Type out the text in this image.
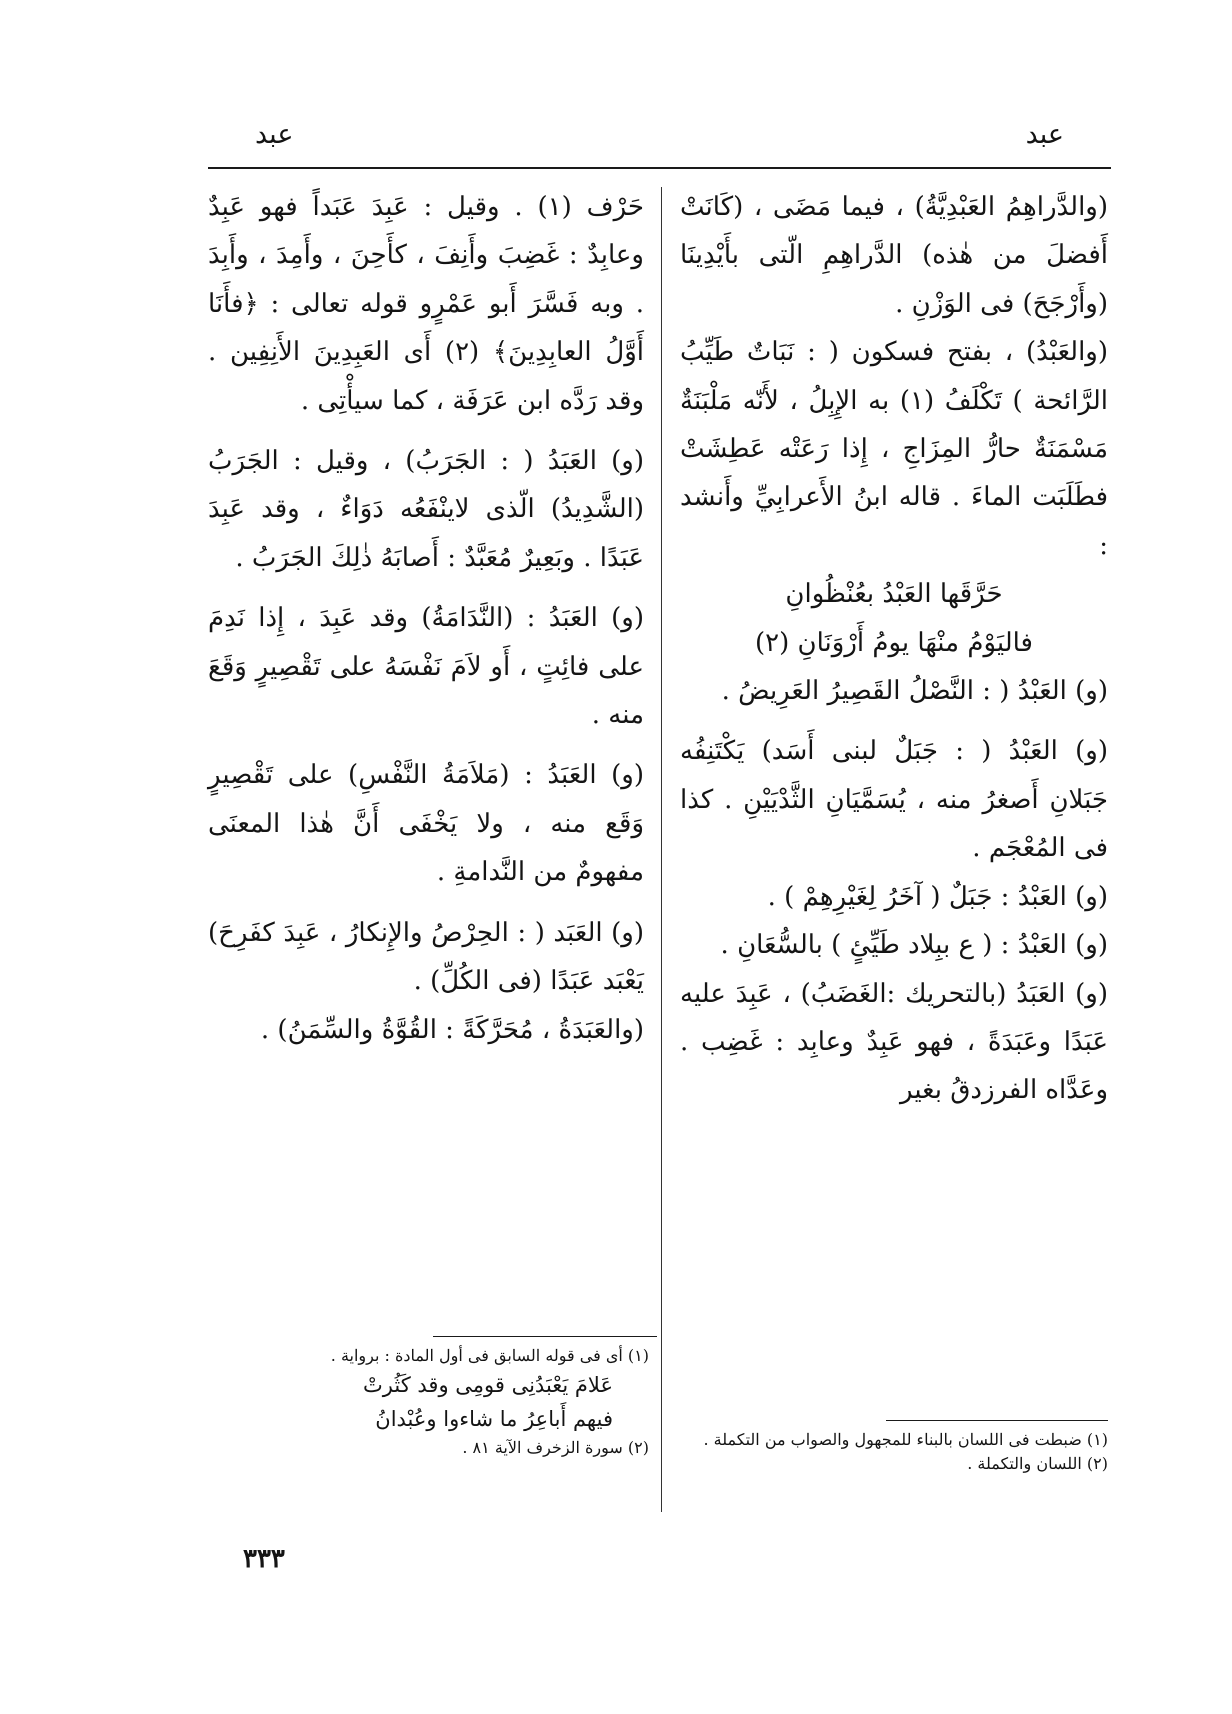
عبد
عبد

(والدَّراهِمُ العَبْدِيَّةُ) ، فيما مَضَى ، (كَانَتْ أَفضلَ من هٰذه) الدَّراهِمِ الّتى بأَيْدِينَا (وأَرْجَحَ) فى الوَزْنِ .

(والعَبْدُ) ، بفتح فسكون ( : نَبَاتٌ طَيِّبُ الرَّائحة ) تَكْلَفُ (١) به الإِبِلُ ، لأَنّه مَلْبَنَةٌ مَسْمَنَةٌ حارُّ المِزَاجِ ، إِذا رَعَتْه عَطِشَتْ فطَلَبَت الماءَ . قاله ابنُ الأَعرابِيِّ وأَنشد :

حَرَّقَها العَبْدُ بعُنْظُوانِ

فاليَوْمُ منْهَا يومُ أَرْوَنَانِ (٢)

(و) العَبْدُ ( : النَّصْلُ القَصِيرُ العَرِيضُ .

(و) العَبْدُ ( : جَبَلٌ لبنى أَسَد) يَكْتَنِفُه جَبَلانِ أَصغرُ منه ، يُسَمَّيَانِ الثَّدْيَيْنِ . كذا فى المُعْجَم .

(و) العَبْدُ : جَبَلٌ ( آخَرُ لِغَيْرِهِمْ ) .

(و) العَبْدُ : ( ع ببِلاد طَيِّئٍ ) بالسُّعَانِ .

(و) العَبَدُ (بالتحريك :الغَضَبُ) ، عَبِدَ عليه عَبَدًا وعَبَدَةً ، فهو عَبِدٌ وعابِد : غَضِب . وعَدَّاه الفرزدقُ بغير

حَرْف (١) . وقيل : عَبِدَ عَبَداً فهو عَبِدٌ وعابِدٌ : غَضِبَ وأَنِفَ ، كأَحِنَ ، وأَمِدَ ، وأَبِدَ . وبه فَسَّرَ أَبو عَمْرٍو قوله تعالى : ﴿فأَنَا أَوَّلُ العابِدِينَ﴾ (٢) أَى العَبِدِينَ الأَنِفِين . وقد رَدَّه ابن عَرَفَة ، كما سيأْتِى .

(و) العَبَدُ ( : الجَرَبُ) ، وقيل : الجَرَبُ (الشَّدِيدُ) الّذى لاينْفَعُه دَوَاءٌ ، وقد عَبِدَ عَبَدًا . وبَعِيرٌ مُعَبَّدٌ : أَصابَهُ ذٰلِكَ الجَرَبُ .

(و) العَبَدُ : (النَّدَامَةُ) وقد عَبِدَ ، إِذا نَدِمَ على فائِتٍ ، أَو لاَمَ نَفْسَهُ على تَقْصِيرٍ وَقَعَ منه .

(و) العَبَدُ : (مَلاَمَةُ النَّفْسِ) على تَقْصِيرٍ وَقَع منه ، ولا يَخْفَى أَنَّ هٰذا المعنَى مفهومٌ من النَّدامةِ .

(و) العَبَد ( : الحِرْصُ والإِنكارُ ، عَبِدَ كفَرِحَ) يَعْبَد عَبَدًا (فى الكُلِّ) .

(والعَبَدَةُ ، مُحَرَّكَةً : القُوَّةُ والسِّمَنُ) .

(١) أى فى قوله السابق فى أول المادة : برواية .
عَلامَ يَعْبَدُنِى قومِى وقد كَثُرتْ
فيهم أَباعِرُ ما شاءوا وعُبْدانُ
(٢) سورة الزخرف الآية ٨١ .	(١) ضبطت فى اللسان بالبناء للمجهول والصواب من التكملة .
(٢) اللسان والتكملة .
٣٣٣
